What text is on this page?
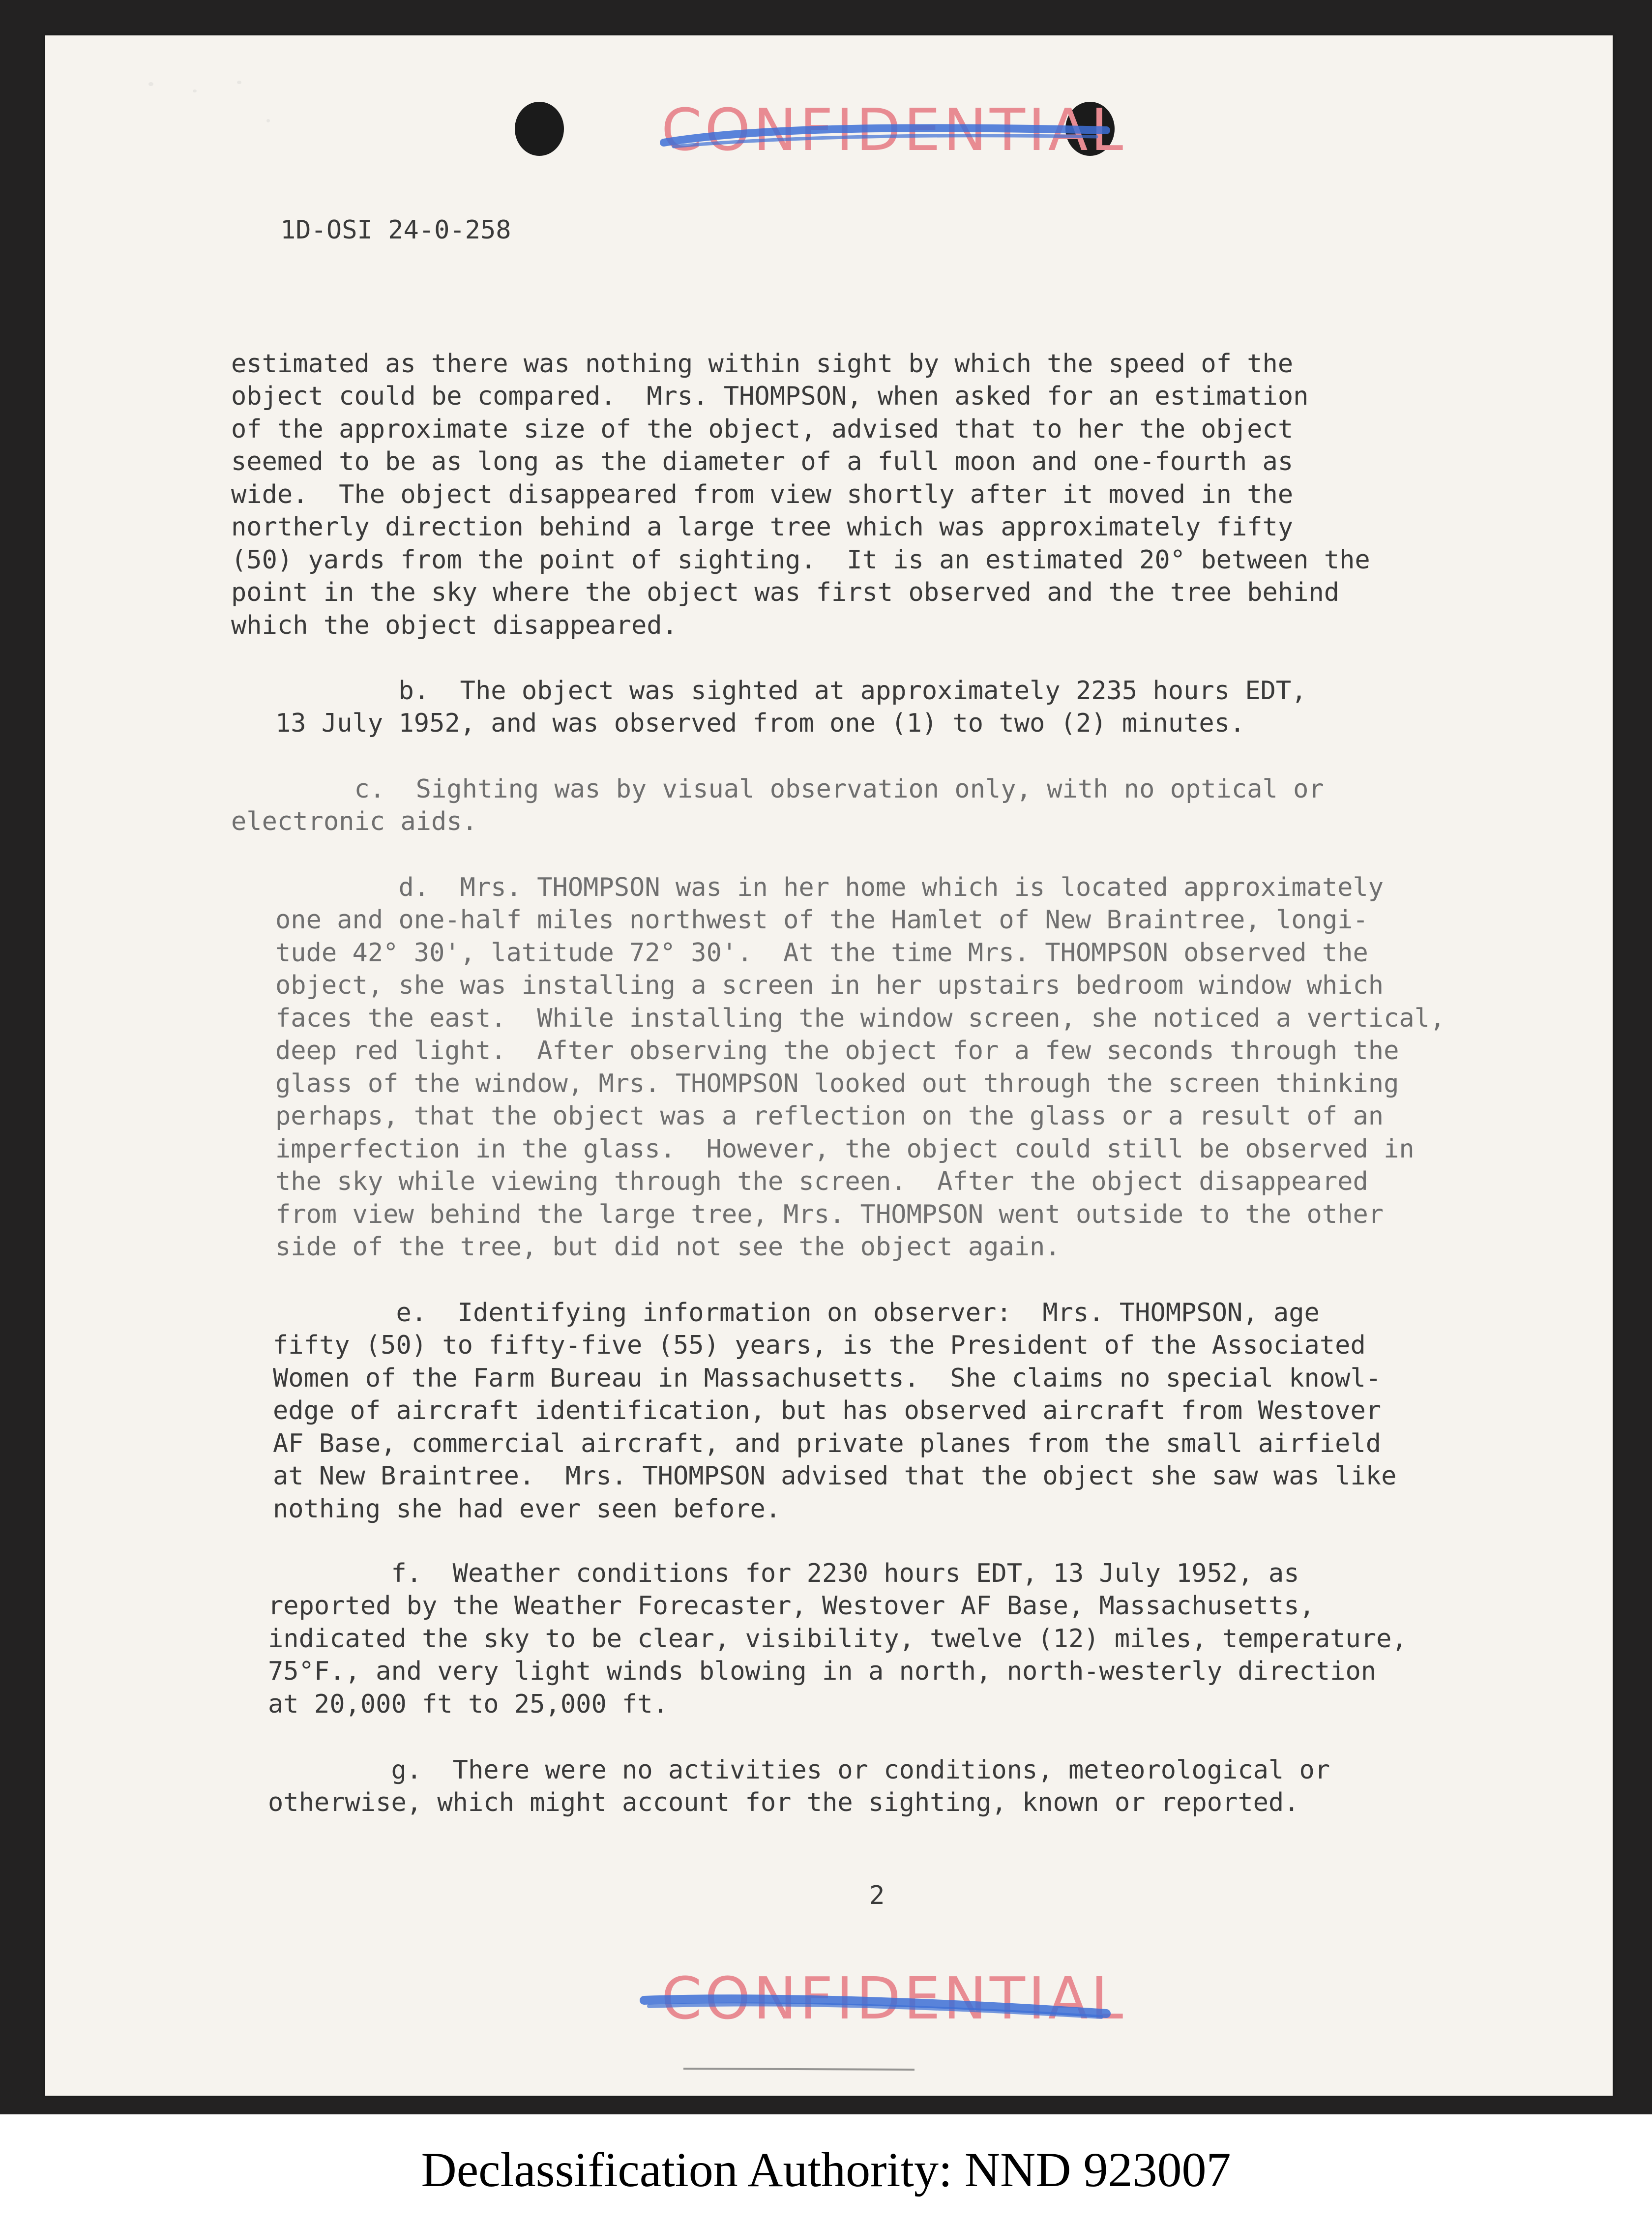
CONFIDENTIAL
1D-OSI 24-0-258

estimated as there was nothing within sight by which the speed of the
object could be compared.  Mrs. THOMPSON, when asked for an estimation
of the approximate size of the object, advised that to her the object
seemed to be as long as the diameter of a full moon and one-fourth as
wide.  The object disappeared from view shortly after it moved in the
northerly direction behind a large tree which was approximately fifty
(50) yards from the point of sighting.  It is an estimated 20° between the
point in the sky where the object was first observed and the tree behind
which the object disappeared.

b.  The object was sighted at approximately 2235 hours EDT,
13 July 1952, and was observed from one (1) to two (2) minutes.

c.  Sighting was by visual observation only, with no optical or
electronic aids.

d.  Mrs. THOMPSON was in her home which is located approximately
one and one-half miles northwest of the Hamlet of New Braintree, longi-
tude 42° 30', latitude 72° 30'.  At the time Mrs. THOMPSON observed the
object, she was installing a screen in her upstairs bedroom window which
faces the east.  While installing the window screen, she noticed a vertical,
deep red light.  After observing the object for a few seconds through the
glass of the window, Mrs. THOMPSON looked out through the screen thinking
perhaps, that the object was a reflection on the glass or a result of an
imperfection in the glass.  However, the object could still be observed in
the sky while viewing through the screen.  After the object disappeared
from view behind the large tree, Mrs. THOMPSON went outside to the other
side of the tree, but did not see the object again.

e.  Identifying information on observer:  Mrs. THOMPSON, age
fifty (50) to fifty-five (55) years, is the President of the Associated
Women of the Farm Bureau in Massachusetts.  She claims no special knowl-
edge of aircraft identification, but has observed aircraft from Westover
AF Base, commercial aircraft, and private planes from the small airfield
at New Braintree.  Mrs. THOMPSON advised that the object she saw was like
nothing she had ever seen before.

f.  Weather conditions for 2230 hours EDT, 13 July 1952, as
reported by the Weather Forecaster, Westover AF Base, Massachusetts,
indicated the sky to be clear, visibility, twelve (12) miles, temperature,
75°F., and very light winds blowing in a north, north-westerly direction
at 20,000 ft to 25,000 ft.

g.  There were no activities or conditions, meteorological or
otherwise, which might account for the sighting, known or reported.

2
CONFIDENTIAL
Declassification Authority: NND 923007
